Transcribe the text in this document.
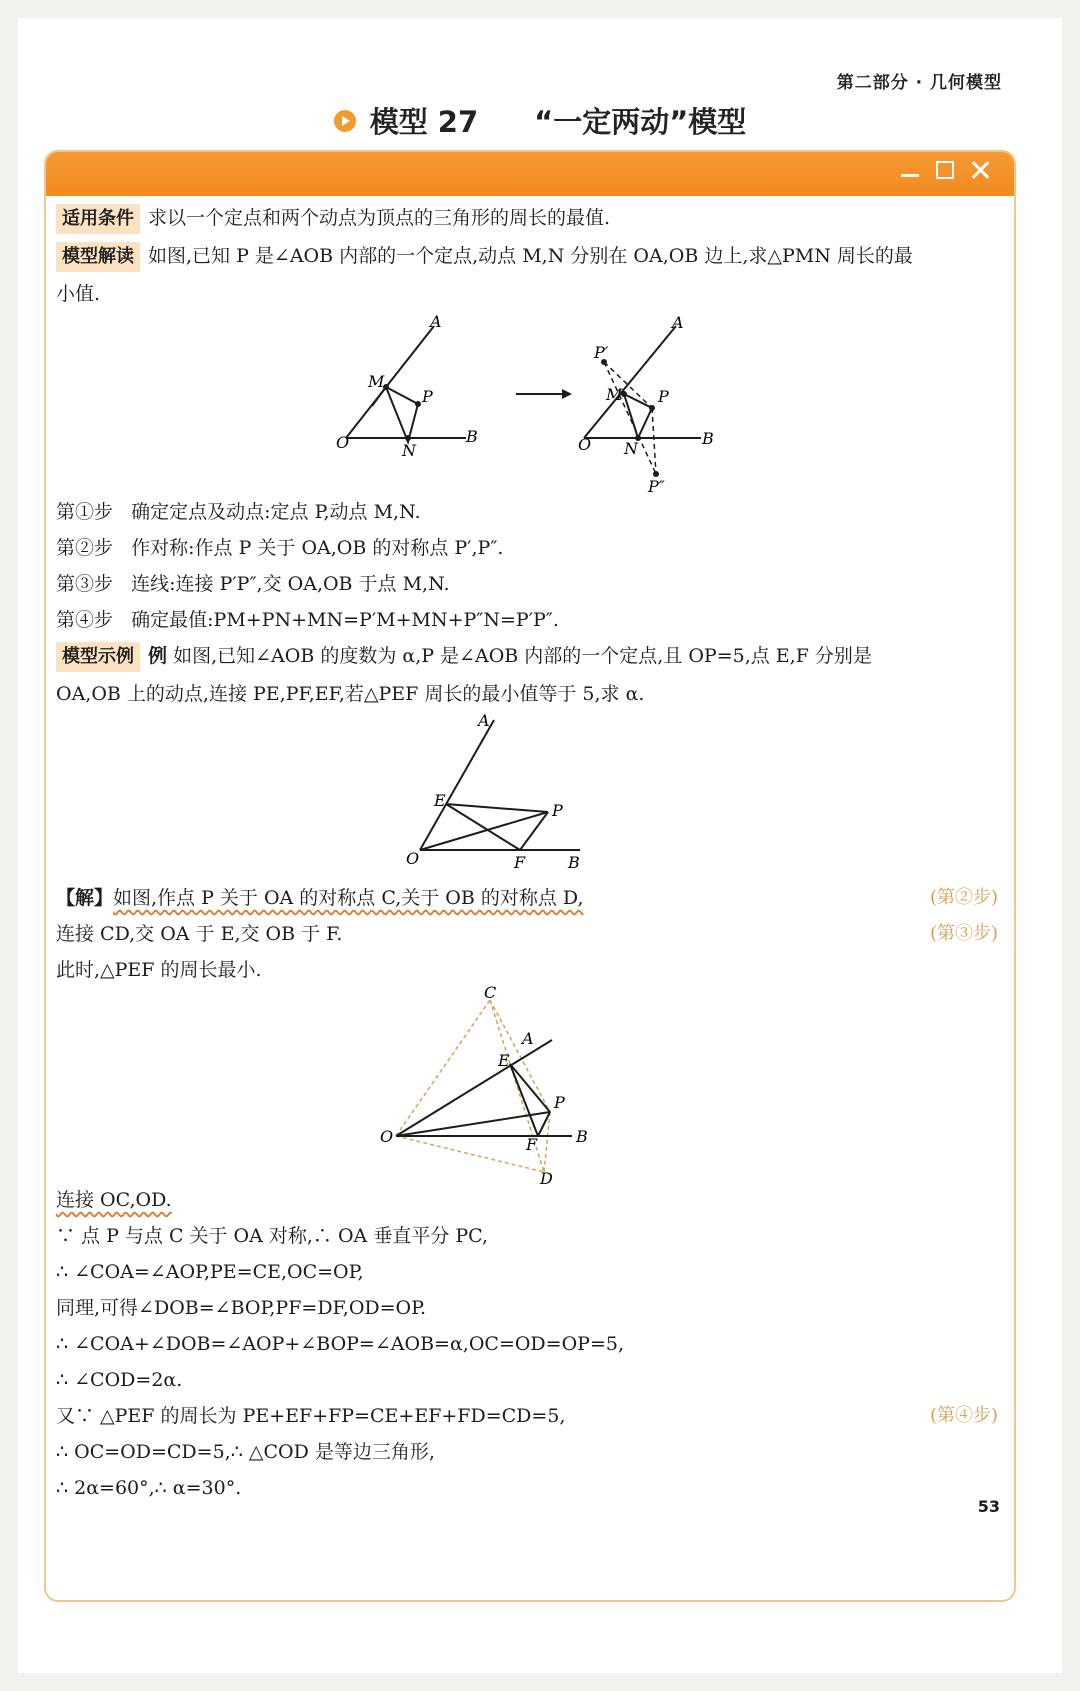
第二部分 · 几何模型
模型 27 “一定两动”模型
适用条件 求以一个定点和两个动点为顶点的三角形的周长的最值.
模型解读 如图,已知 P 是∠AOB 内部的一个定点,动点 M,N 分别在 OA,OB 边上,求△PMN 周长的最
小值.
A
M
P
O	N
B
A
P′
M P
O N
B
P″
第①步 确定定点及动点:定点 P,动点 M,N.
第②步 作对称:作点 P 关于 OA,OB 的对称点 P′,P″.
第③步 连线:连接 P′P″,交 OA,OB 于点 M,N.
第④步 确定最值:PM+PN+MN=P′M+MN+P″N=P′P″.
模型示例 例 如图,已知∠AOB 的度数为 α,P 是∠AOB 内部的一个定点,且 OP=5,点 E,F 分别是
OA,OB 上的动点,连接 PE,PF,EF,若△PEF 周长的最小值等于 5,求 α.
A
E
P
O	F	B
【解】如图,作点 P 关于 OA 的对称点 C,关于 OB 的对称点 D,	(第②步)
连接 CD,交 OA 于 E,交 OB 于 F.	(第③步)
此时,△PEF 的周长最小.
C
A
E
P
O	F B
D
连接 OC,OD.
∵ 点 P 与点 C 关于 OA 对称,∴ OA 垂直平分 PC,
∴ ∠COA=∠AOP,PE=CE,OC=OP,
同理,可得∠DOB=∠BOP,PF=DF,OD=OP.
∴ ∠COA+∠DOB=∠AOP+∠BOP=∠AOB=α,OC=OD=OP=5,
∴ ∠COD=2α.
又∵ △PEF 的周长为 PE+EF+FP=CE+EF+FD=CD=5,	(第④步)
∴ OC=OD=CD=5,∴ △COD 是等边三角形,
∴ 2α=60°,∴ α=30°.
53
